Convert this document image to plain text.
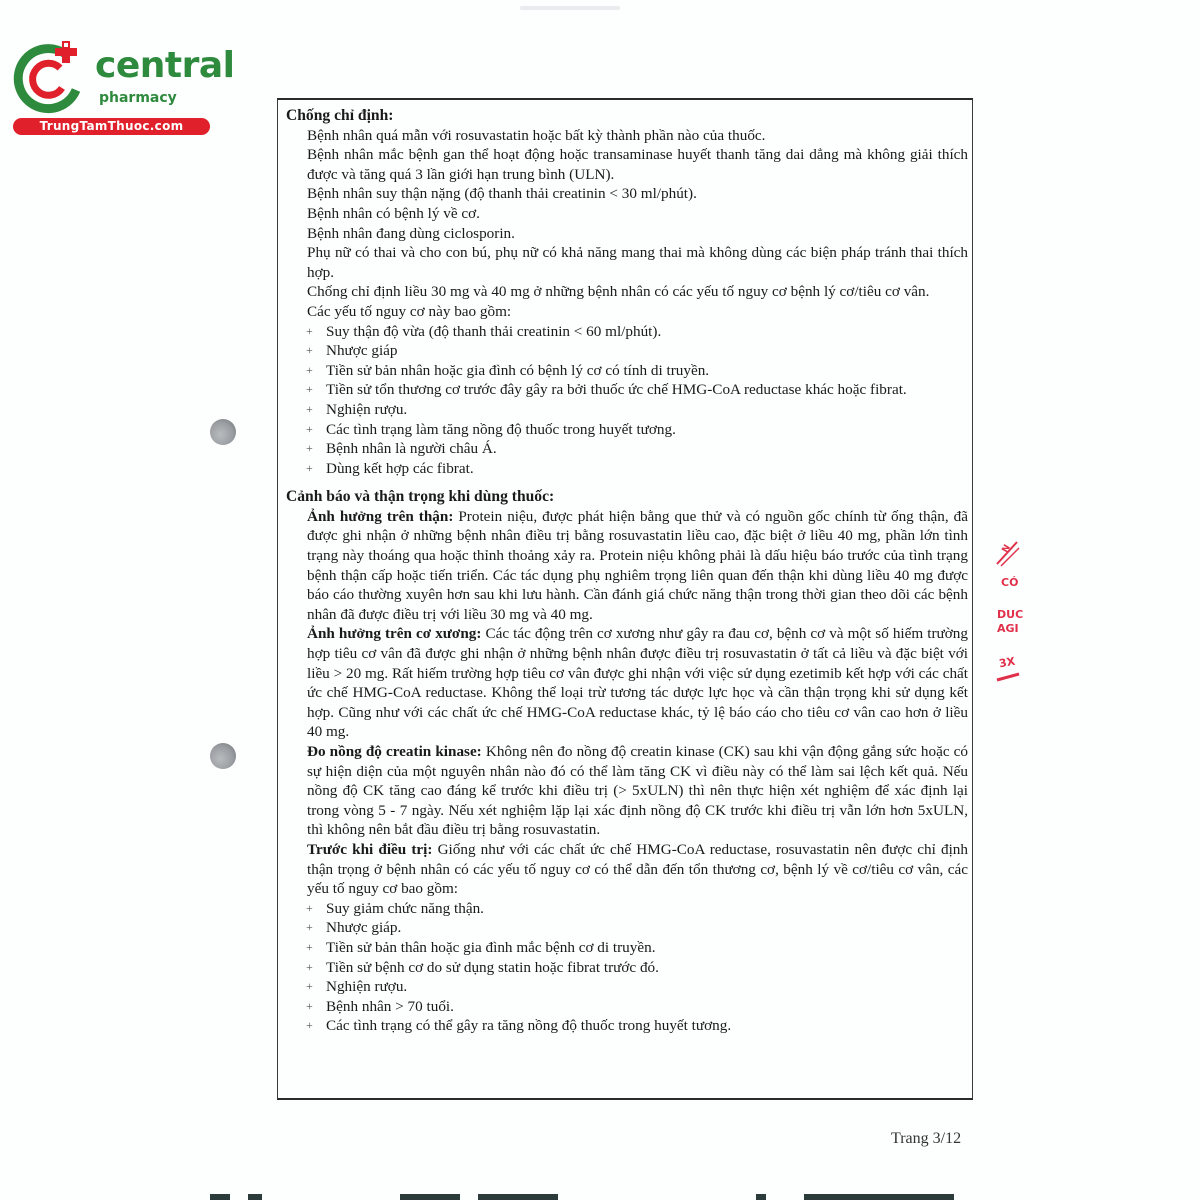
central
pharmacy
TrungTamThuoc.com
Chống chỉ định:
Bệnh nhân quá mẫn với rosuvastatin hoặc bất kỳ thành phần nào của thuốc.
Bệnh nhân mắc bệnh gan thể hoạt động hoặc transaminase huyết thanh tăng dai dẳng mà không giải thích được và tăng quá 3 lần giới hạn trung bình (ULN).
Bệnh nhân suy thận nặng (độ thanh thải creatinin < 30 ml/phút).
Bệnh nhân có bệnh lý về cơ.
Bệnh nhân đang dùng ciclosporin.
Phụ nữ có thai và cho con bú, phụ nữ có khả năng mang thai mà không dùng các biện pháp tránh thai thích hợp.
Chống chỉ định liều 30 mg và 40 mg ở những bệnh nhân có các yếu tố nguy cơ bệnh lý cơ/tiêu cơ vân.
Các yếu tố nguy cơ này bao gồm:
+ Suy thận độ vừa (độ thanh thải creatinin < 60 ml/phút).
+ Nhược giáp
+ Tiền sử bản nhân hoặc gia đình có bệnh lý cơ có tính di truyền.
+ Tiền sử tổn thương cơ trước đây gây ra bởi thuốc ức chế HMG-CoA reductase khác hoặc fibrat.
+ Nghiện rượu.
+ Các tình trạng làm tăng nồng độ thuốc trong huyết tương.
+ Bệnh nhân là người châu Á.
+ Dùng kết hợp các fibrat.
Cảnh báo và thận trọng khi dùng thuốc:
Ảnh hưởng trên thận: Protein niệu, được phát hiện bằng que thử và có nguồn gốc chính từ ống thận, đã được ghi nhận ở những bệnh nhân điều trị bằng rosuvastatin liều cao, đặc biệt ở liều 40 mg, phần lớn tình trạng này thoáng qua hoặc thỉnh thoảng xảy ra. Protein niệu không phải là dấu hiệu báo trước của tình trạng bệnh thận cấp hoặc tiến triển. Các tác dụng phụ nghiêm trọng liên quan đến thận khi dùng liều 40 mg được báo cáo thường xuyên hơn sau khi lưu hành. Cần đánh giá chức năng thận trong thời gian theo dõi các bệnh nhân đã được điều trị với liều 30 mg và 40 mg.
Ảnh hưởng trên cơ xương: Các tác động trên cơ xương như gây ra đau cơ, bệnh cơ và một số hiếm trường hợp tiêu cơ vân đã được ghi nhận ở những bệnh nhân được điều trị rosuvastatin ở tất cả liều và đặc biệt với liều > 20 mg. Rất hiếm trường hợp tiêu cơ vân được ghi nhận với việc sử dụng ezetimib kết hợp với các chất ức chế HMG-CoA reductase. Không thể loại trừ tương tác dược lực học và cần thận trọng khi sử dụng kết hợp. Cũng như với các chất ức chế HMG-CoA reductase khác, tỷ lệ báo cáo cho tiêu cơ vân cao hơn ở liều 40 mg.
Đo nồng độ creatin kinase: Không nên đo nồng độ creatin kinase (CK) sau khi vận động gắng sức hoặc có sự hiện diện của một nguyên nhân nào đó có thể làm tăng CK vì điều này có thể làm sai lệch kết quả. Nếu nồng độ CK tăng cao đáng kể trước khi điều trị (> 5xULN) thì nên thực hiện xét nghiệm để xác định lại trong vòng 5 - 7 ngày. Nếu xét nghiệm lặp lại xác định nồng độ CK trước khi điều trị vẫn lớn hơn 5xULN, thì không nên bắt đầu điều trị bằng rosuvastatin.
Trước khi điều trị: Giống như với các chất ức chế HMG-CoA reductase, rosuvastatin nên được chỉ định thận trọng ở bệnh nhân có các yếu tố nguy cơ có thể dẫn đến tổn thương cơ, bệnh lý về cơ/tiêu cơ vân, các yếu tố nguy cơ bao gồm:
+ Suy giảm chức năng thận.
+ Nhược giáp.
+ Tiền sử bản thân hoặc gia đình mắc bệnh cơ di truyền.
+ Tiền sử bệnh cơ do sử dụng statin hoặc fibrat trước đó.
+ Nghiện rượu.
+ Bệnh nhân > 70 tuổi.
+ Các tình trạng có thể gây ra tăng nồng độ thuốc trong huyết tương.
N
CÓ
DUC
AGI
3X
Trang 3/12
